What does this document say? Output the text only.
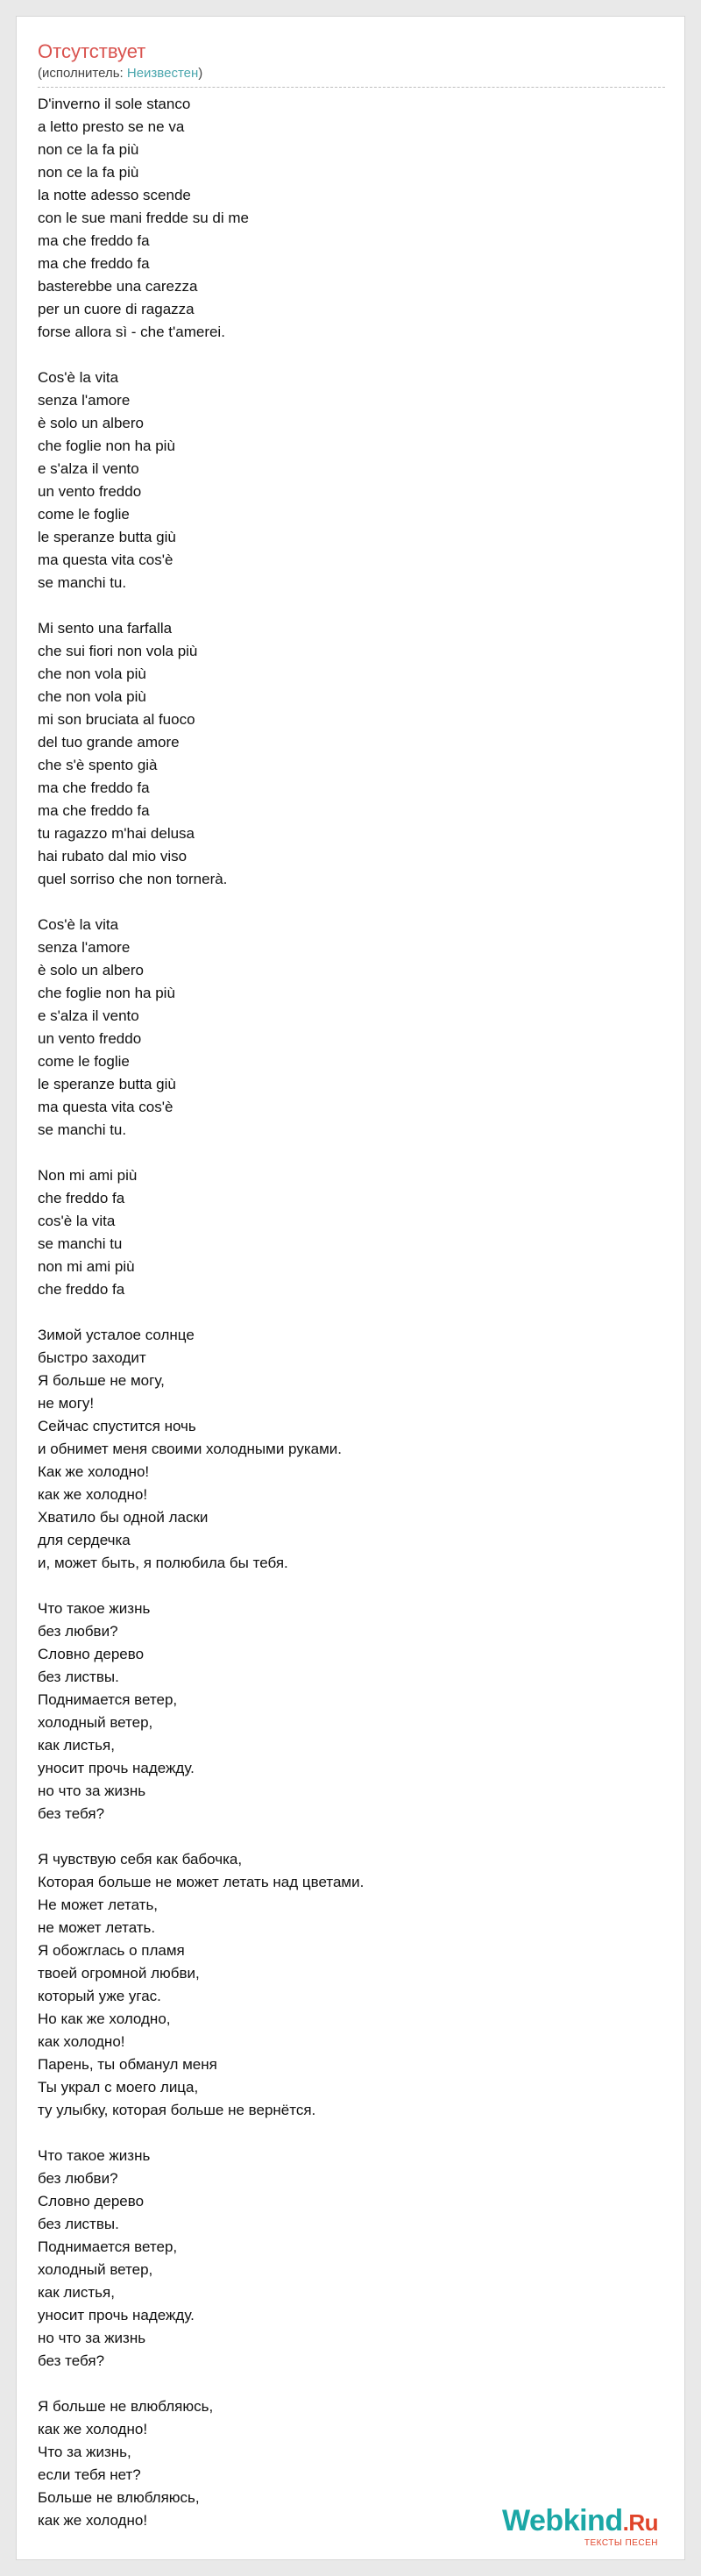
Отсутствует
(исполнитель: Неизвестен)
D'inverno il sole stanco
a letto presto se ne va
non ce la fa più
non ce la fa più
la notte adesso scende
con le sue mani fredde su di me
ma che freddo fa
ma che freddo fa
basterebbe una carezza
per un cuore di ragazza
forse allora sì - che t'amerei.
Cos'è la vita
senza l'amore
è solo un albero
che foglie non ha più
e s'alza il vento
un vento freddo
come le foglie
le speranze butta giù
ma questa vita cos'è
se manchi tu.
Mi sento una farfalla
che sui fiori non vola più
che non vola più
che non vola più
mi son bruciata al fuoco
del tuo grande amore
che s'è spento già
ma che freddo fa
ma che freddo fa
tu ragazzo m'hai delusa
hai rubato dal mio viso
quel sorriso che non tornerà.
Cos'è la vita
senza l'amore
è solo un albero
che foglie non ha più
e s'alza il vento
un vento freddo
come le foglie
le speranze butta giù
ma questa vita cos'è
se manchi tu.
Non mi ami più
che freddo fa
cos'è la vita
se manchi tu
non mi ami più
che freddo fa
Зимой усталое солнце
быстро заходит
Я больше не могу,
не могу!
Сейчас спустится ночь
и обнимет меня своими холодными руками.
Как же холодно!
как же холодно!
Хватило бы одной ласки
для сердечка
и, может быть, я полюбила бы тебя.
Что такое жизнь
без любви?
Словно дерево
без листвы.
Поднимается ветер,
холодный ветер,
как листья,
уносит прочь надежду.
но что за жизнь
без тебя?
Я чувствую себя как бабочка,
Которая больше не может летать над цветами.
Не может летать,
не может летать.
Я обожглась о пламя
твоей огромной любви,
который уже угас.
Но как же холодно,
как холодно!
Парень, ты обманул меня
Ты украл с моего лица,
ту улыбку, которая больше не вернётся.
Что такое жизнь
без любви?
Словно дерево
без листвы.
Поднимается ветер,
холодный ветер,
как листья,
уносит прочь надежду.
но что за жизнь
без тебя?
Я больше не влюбляюсь,
как же холодно!
Что за жизнь,
если тебя нет?
Больше не влюбляюсь,
как же холодно!	Webkind.Ru
ТЕКСТЫ ПЕСЕН
